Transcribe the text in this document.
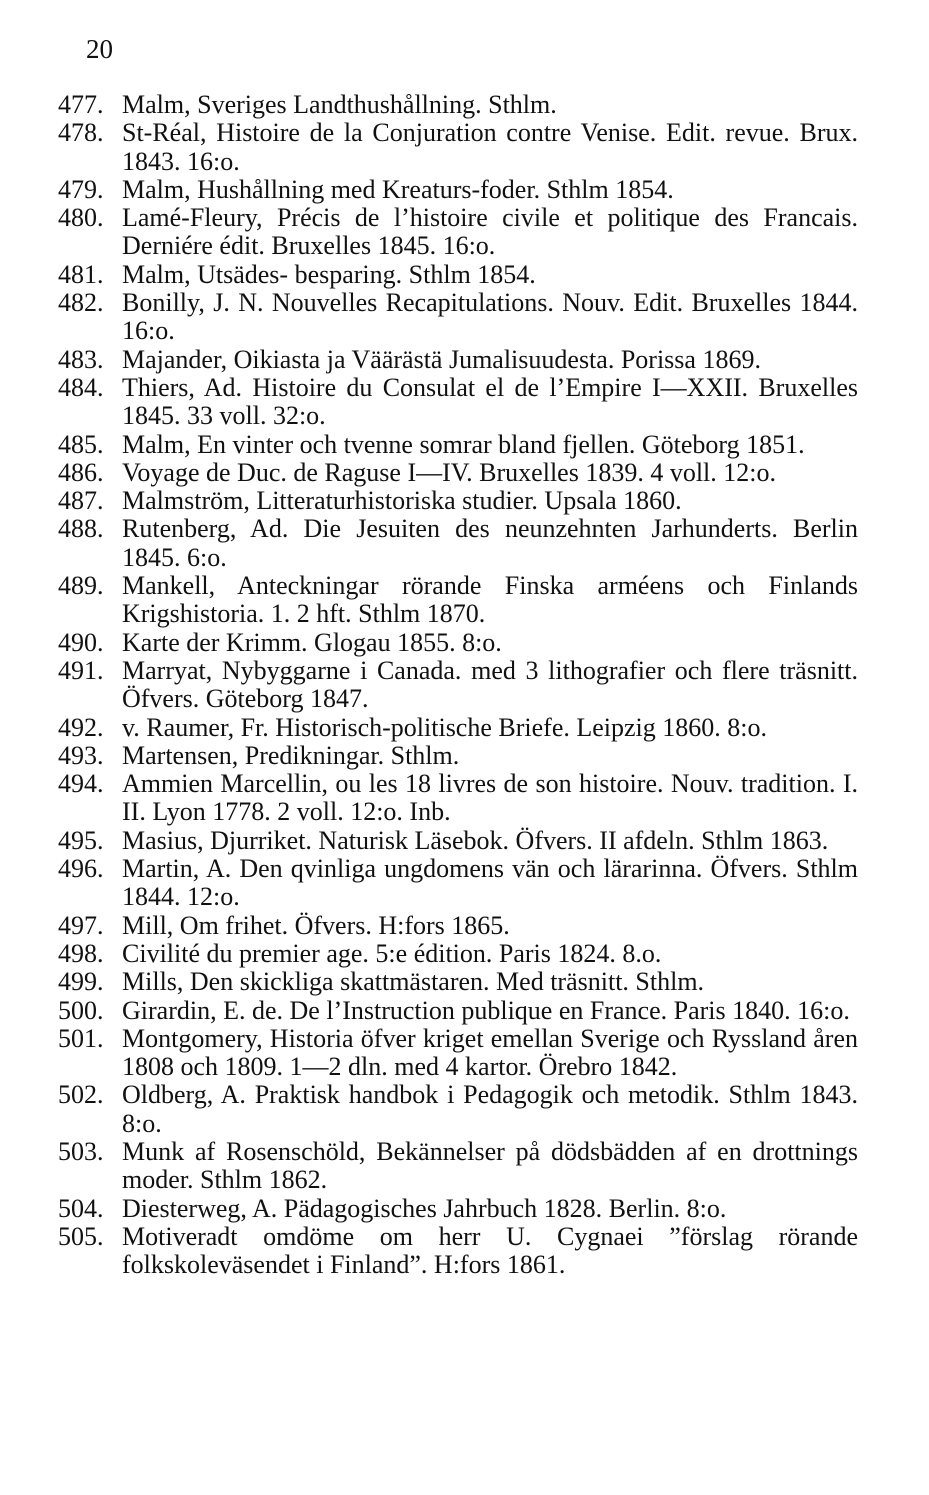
20
477. Malm, Sveriges Landthushållning. Sthlm.
478. St-Réal, Histoire de la Conjuration contre Venise. Edit. revue. Brux. 1843. 16:o.
479. Malm, Hushållning med Kreaturs-foder. Sthlm 1854.
480. Lamé-Fleury, Précis de l’histoire civile et politique des Francais. Derniére édit. Bruxelles 1845. 16:o.
481. Malm, Utsädes- besparing. Sthlm 1854.
482. Bonilly, J. N. Nouvelles Recapitulations. Nouv. Edit. Bruxelles 1844. 16:o.
483. Majander, Oikiasta ja Väärästä Jumalisuudesta. Porissa 1869.
484. Thiers, Ad. Histoire du Consulat el de l’Empire I—XXII. Bruxelles 1845. 33 voll. 32:o.
485. Malm, En vinter och tvenne somrar bland fjellen. Göteborg 1851.
486. Voyage de Duc. de Raguse I—IV. Bruxelles 1839. 4 voll. 12:o.
487. Malmström, Litteraturhistoriska studier. Upsala 1860.
488. Rutenberg, Ad. Die Jesuiten des neunzehnten Jarhunderts. Berlin 1845. 6:o.
489. Mankell, Anteckningar rörande Finska arméens och Finlands Krigshistoria. 1. 2 hft. Sthlm 1870.
490. Karte der Krimm. Glogau 1855. 8:o.
491. Marryat, Nybyggarne i Canada. med 3 lithografier och flere träsnitt. Öfvers. Göteborg 1847.
492. v. Raumer, Fr. Historisch-politische Briefe. Leipzig 1860. 8:o.
493. Martensen, Predikningar. Sthlm.
494. Ammien Marcellin, ou les 18 livres de son histoire. Nouv. tradition. I. II. Lyon 1778. 2 voll. 12:o. Inb.
495. Masius, Djurriket. Naturisk Läsebok. Öfvers. II afdeln. Sthlm 1863.
496. Martin, A. Den qvinliga ungdomens vän och lärarinna. Öfvers. Sthlm 1844. 12:o.
497. Mill, Om frihet. Öfvers. H:fors 1865.
498. Civilité du premier age. 5:e édition. Paris 1824. 8.o.
499. Mills, Den skickliga skattmästaren. Med träsnitt. Sthlm.
500. Girardin, E. de. De l’Instruction publique en France. Paris 1840. 16:o.
501. Montgomery, Historia öfver kriget emellan Sverige och Ryssland åren 1808 och 1809. 1—2 dln. med 4 kartor. Örebro 1842.
502. Oldberg, A. Praktisk handbok i Pedagogik och metodik. Sthlm 1843. 8:o.
503. Munk af Rosenschöld, Bekännelser på dödsbädden af en drottnings moder. Sthlm 1862.
504. Diesterweg, A. Pädagogisches Jahrbuch 1828. Berlin. 8:o.
505. Motiveradt omdöme om herr U. Cygnaei ”förslag rörande folkskoleväsendet i Finland”. H:fors 1861.
